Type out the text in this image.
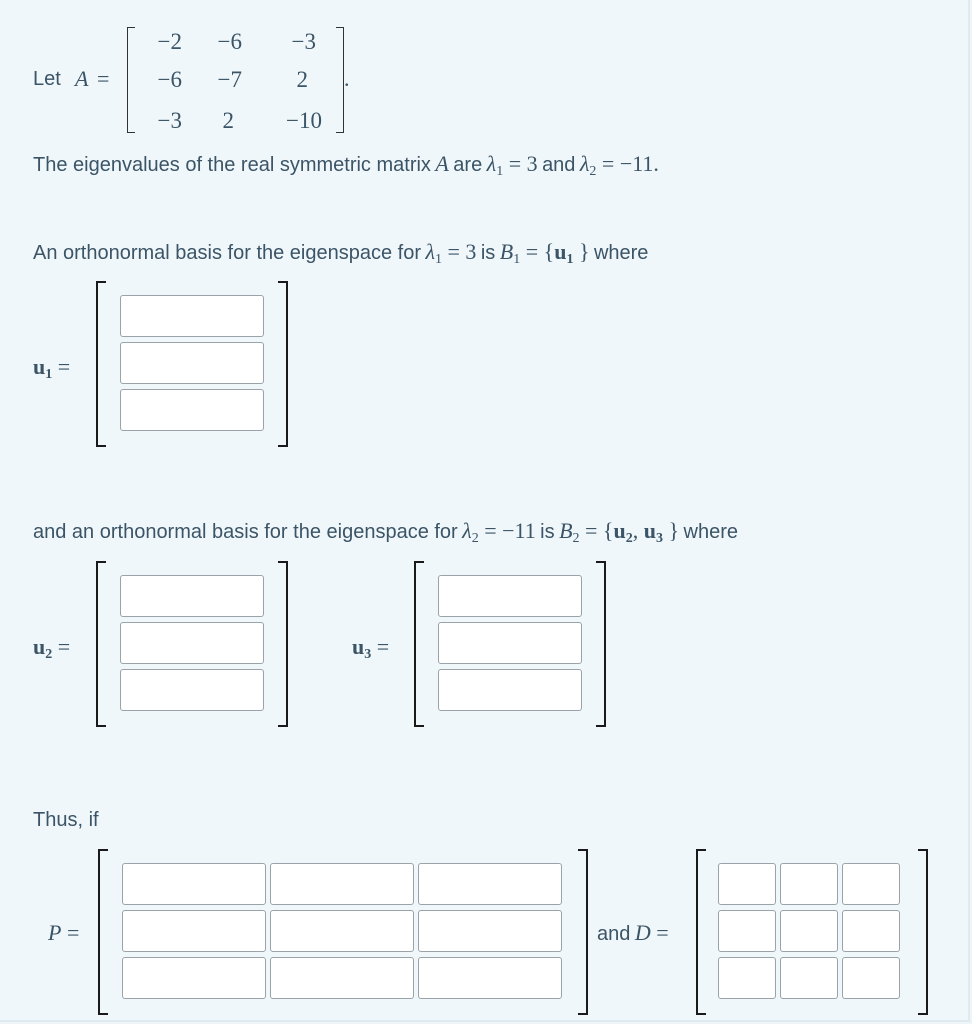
Let A =	.
−2	−6	−3
−6	−7	2
−3	2	−10
The eigenvalues of the real symmetric matrix A are $\lambda_1 = 3$ and $\lambda_2 = -11$.
An orthonormal basis for the eigenspace for $\lambda_1 = 3$ is $B_1 = \{u_1$ } where
$u_1$ =
and an orthonormal basis for the eigenspace for $\lambda_2 = -11$ is $B_2 = \{u_2$, $u_3$ } where
$u_2$ =	$u_3$ =
Thus, if
P =	and D =
